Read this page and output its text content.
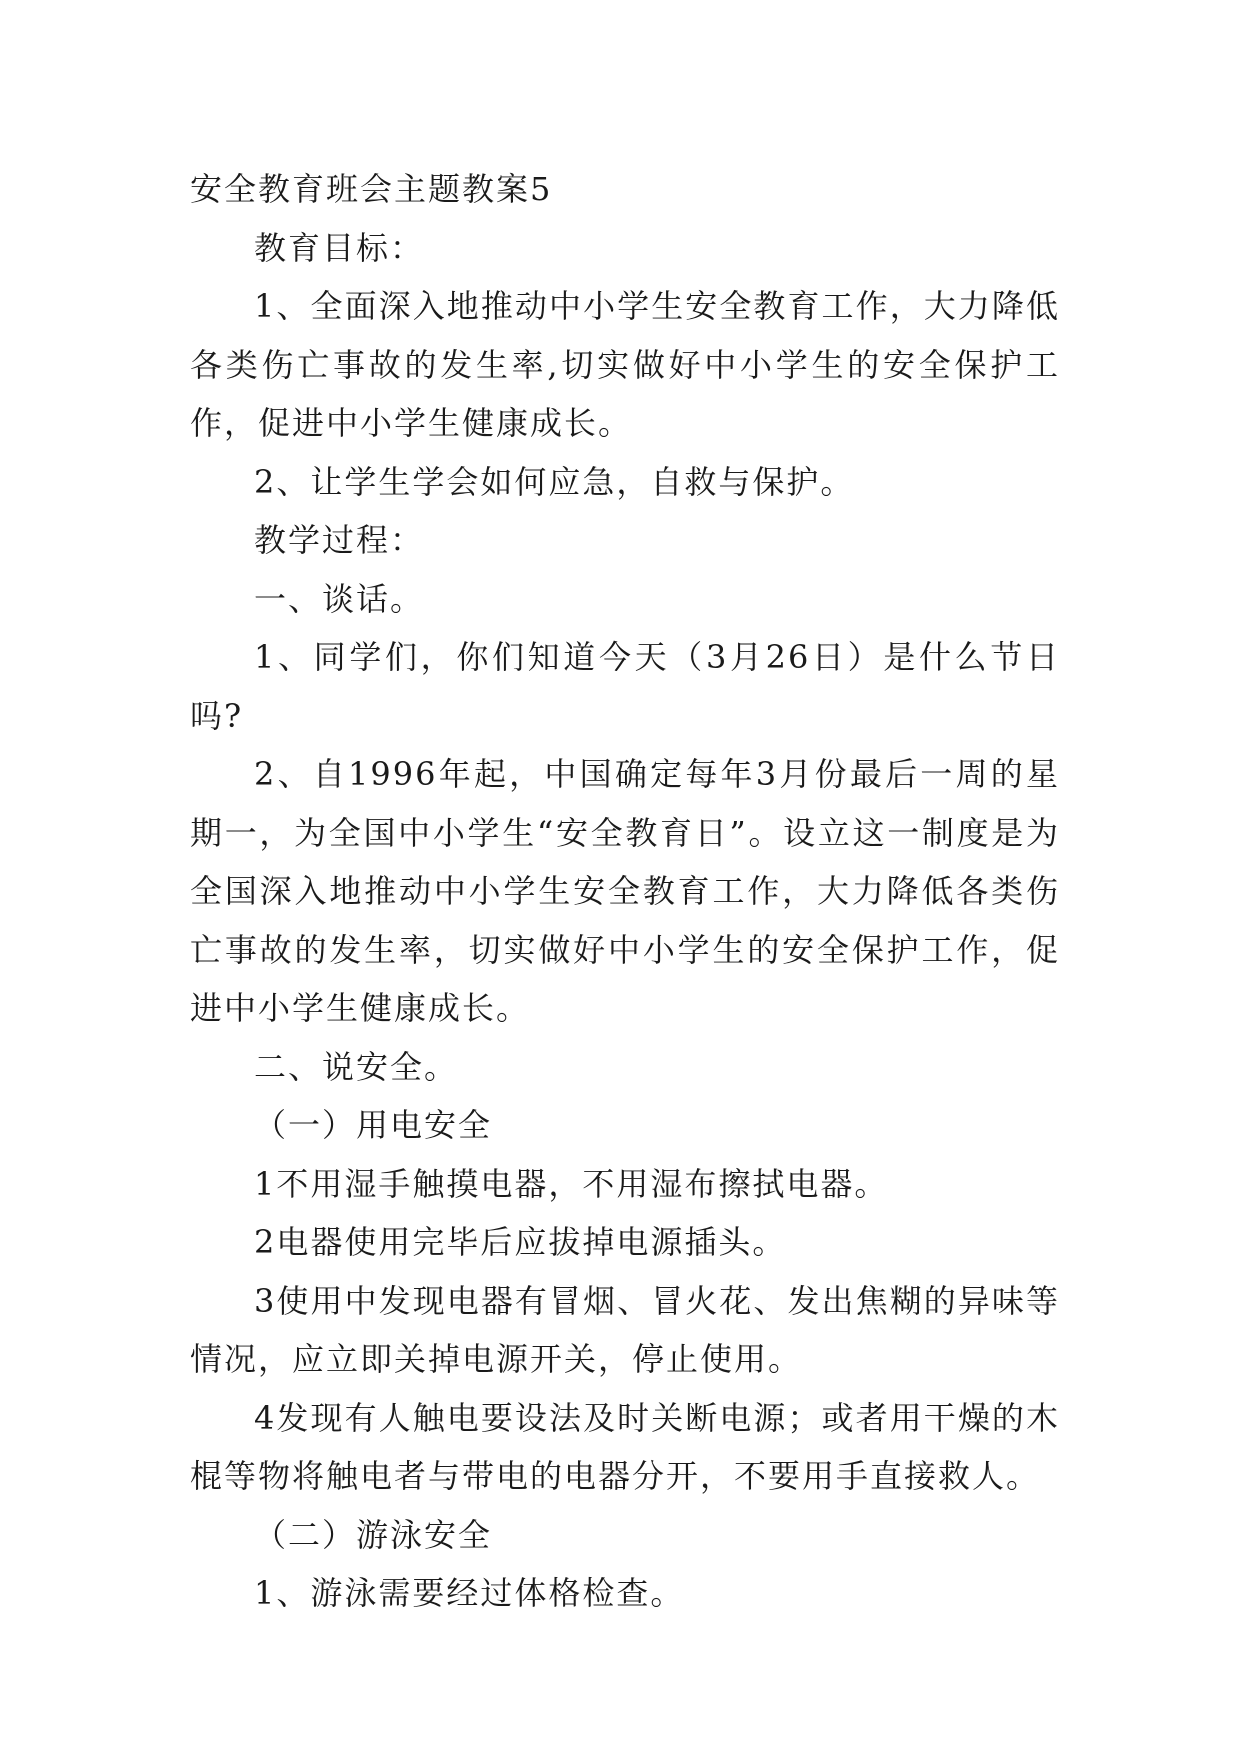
安全教育班会主题教案5

教育目标：

1、全面深入地推动中小学生安全教育工作，大力降低各类伤亡事故的发生率,切实做好中小学生的安全保护工作，促进中小学生健康成长。

2、让学生学会如何应急，自救与保护。

教学过程：

一、谈话。

1、同学们，你们知道今天（3月26日）是什么节日吗?

2、自1996年起，中国确定每年3月份最后一周的星期一，为全国中小学生“安全教育日”。设立这一制度是为全国深入地推动中小学生安全教育工作，大力降低各类伤亡事故的发生率，切实做好中小学生的安全保护工作，促进中小学生健康成长。

二、说安全。

（一）用电安全

1不用湿手触摸电器，不用湿布擦拭电器。

2电器使用完毕后应拔掉电源插头。

3使用中发现电器有冒烟、冒火花、发出焦糊的异味等情况，应立即关掉电源开关，停止使用。

4发现有人触电要设法及时关断电源；或者用干燥的木棍等物将触电者与带电的电器分开，不要用手直接救人。

（二）游泳安全

1、游泳需要经过体格检查。
